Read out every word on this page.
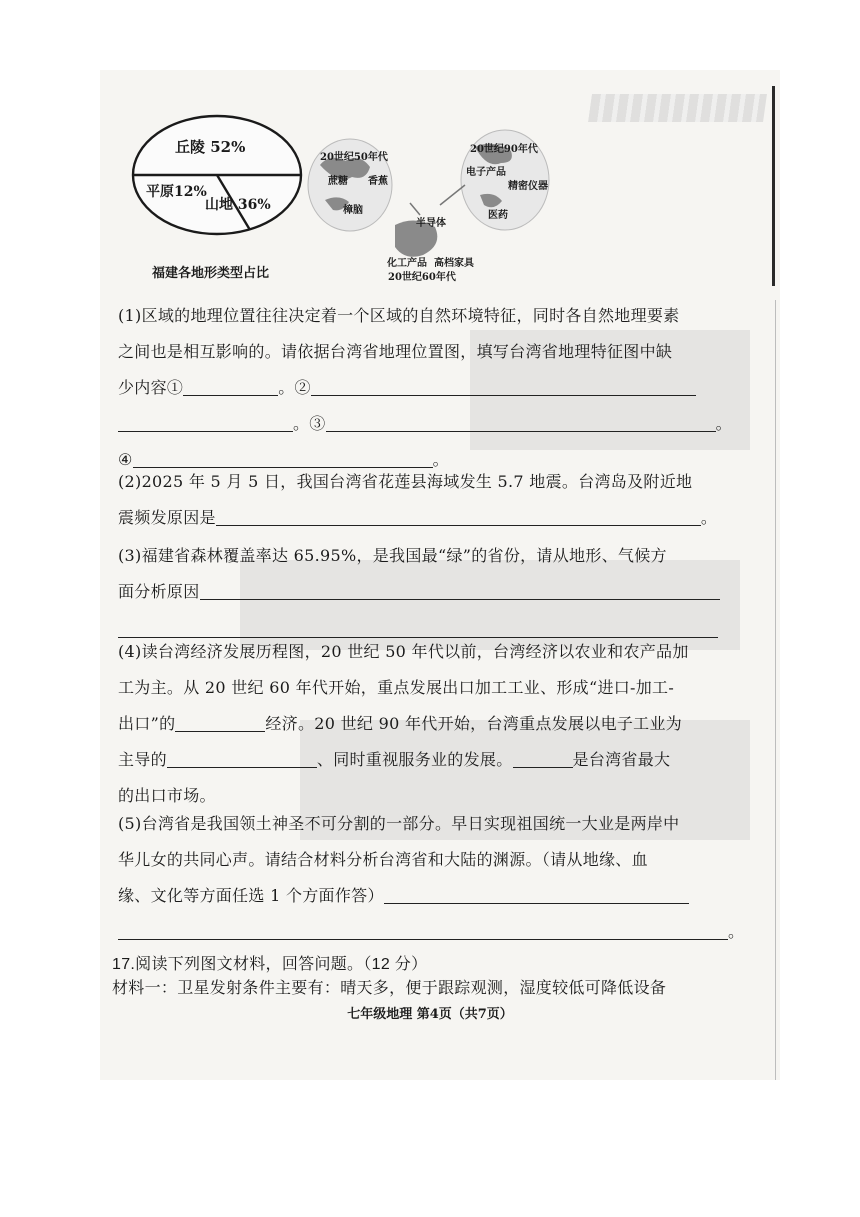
丘陵 52%
平原12%
山地 36%
福建各地形类型占比
20世纪50年代
蔗糖 香蕉
樟脑
半导体
化工产品 高档家具
20世纪60年代
20世纪90年代
电子产品
精密仪器
医药
(1)区域的地理位置往往决定着一个区域的自然环境特征，同时各自然地理要素
之间也是相互影响的。请依据台湾省地理位置图，填写台湾省地理特征图中缺
少内容①	。②
。③	。
④	。
(2)2025 年 5 月 5 日，我国台湾省花莲县海域发生 5.7 地震。台湾岛及附近地
震频发原因是	。
(3)福建省森林覆盖率达 65.95%，是我国最“绿”的省份，请从地形、气候方
面分析原因
(4)读台湾经济发展历程图，20 世纪 50 年代以前，台湾经济以农业和农产品加
工为主。从 20 世纪 60 年代开始，重点发展出口加工工业、形成“进口-加工-
出口”的	经济。20 世纪 90 年代开始，台湾重点发展以电子工业为
主导的	、同时重视服务业的发展。	是台湾省最大
的出口市场。
(5)台湾省是我国领土神圣不可分割的一部分。早日实现祖国统一大业是两岸中
华儿女的共同心声。请结合材料分析台湾省和大陆的渊源。（请从地缘、血
缘、文化等方面任选 1 个方面作答）
。
17.阅读下列图文材料，回答问题。（12 分）
材料一：卫星发射条件主要有：晴天多，便于跟踪观测，湿度较低可降低设备
七年级地理 第4页（共7页）
